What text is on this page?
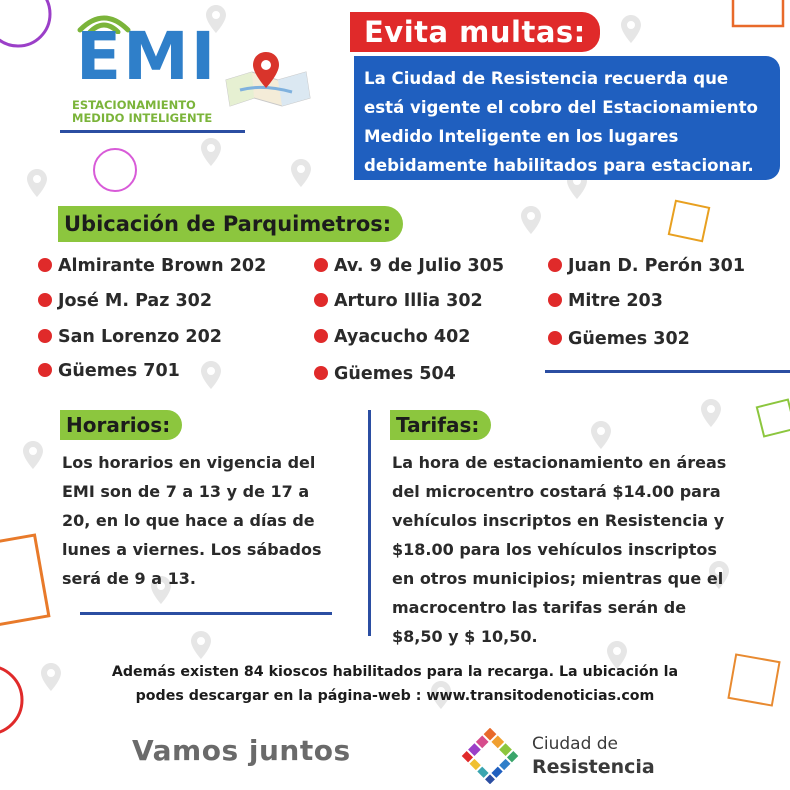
EMI
ESTACIONAMIENTO
MEDIDO INTELIGENTE
Evita multas:
La Ciudad de Resistencia recuerda que
está vigente el cobro del Estacionamiento
Medido Inteligente en los lugares
debidamente habilitados para estacionar.
Ubicación de Parquimetros:
Almirante Brown 202
José M. Paz 302
San Lorenzo 202
Güemes 701
Av. 9 de Julio 305
Arturo Illia 302
Ayacucho 402
Güemes 504
Juan D. Perón 301
Mitre 203
Güemes 302
Horarios:
Los horarios en vigencia del
EMI son de 7 a 13 y de 17 a
20, en lo que hace a días de
lunes a viernes. Los sábados
será de 9 a 13.
Tarifas:
La hora de estacionamiento en áreas
del microcentro costará $14.00 para
vehículos inscriptos en Resistencia y
$18.00 para los vehículos inscriptos
en otros municipios; mientras que el
macrocentro las tarifas serán de
$8,50 y $ 10,50.
Además existen 84 kioscos habilitados para la recarga. La ubicación la
podes descargar en la página-web : www.transitodenoticias.com
Vamos juntos	Ciudad de
Resistencia
